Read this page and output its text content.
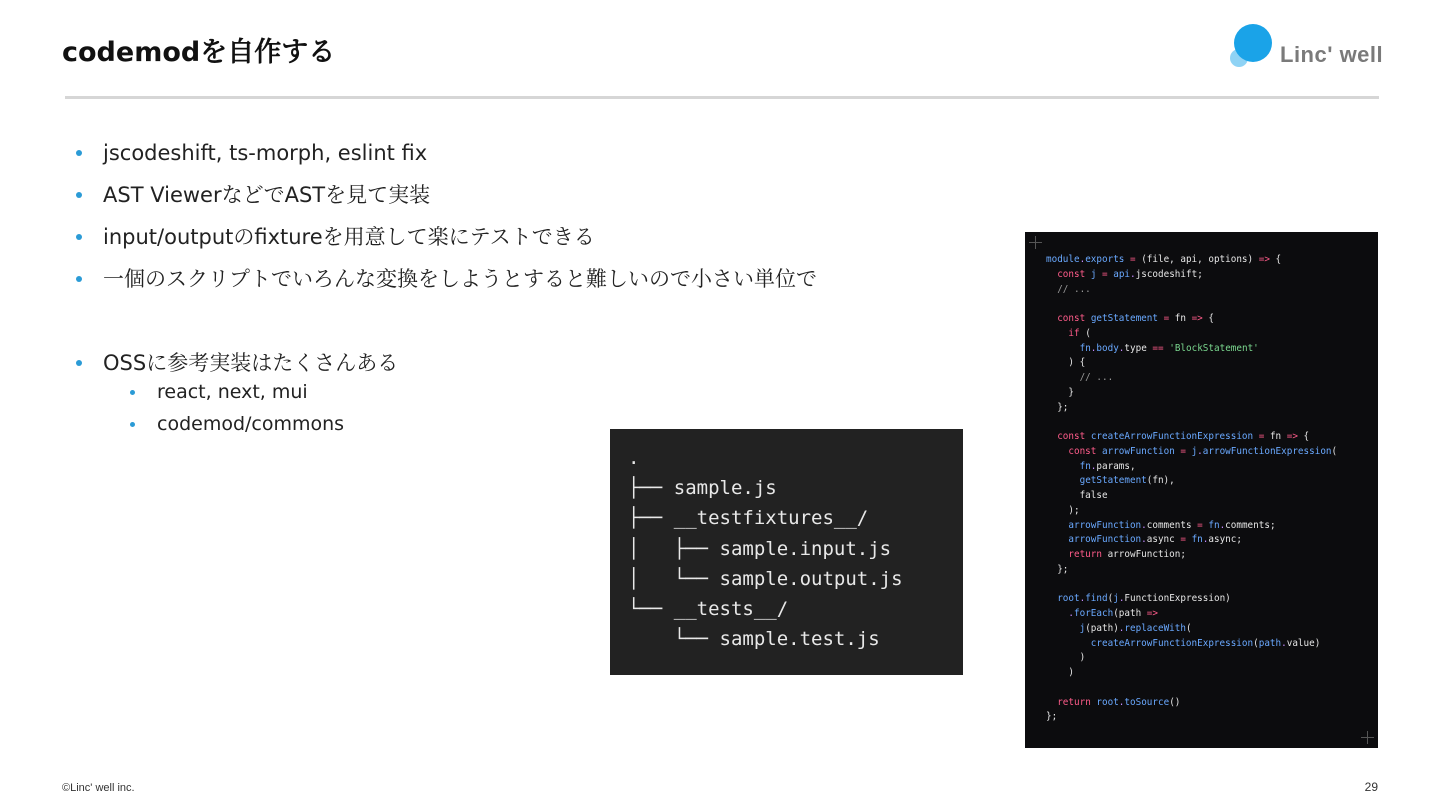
codemodを自作する	Linc' well
jscodeshift, ts-morph, eslint fix
AST ViewerなどでASTを見て実装
input/outputのfixtureを用意して楽にテストできる
一個のスクリプトでいろんな変換をしようとすると難しいので小さい単位で
OSSに参考実装はたくさんある
react, next, mui
codemod/commons
.
├── sample.js
├── __testfixtures__/
│   ├── sample.input.js
│   └── sample.output.js
└── __tests__/
└── sample.test.js
module.exports = (file, api, options) => {
const j = api.jscodeshift;
// ...
const getStatement = fn => {
if (
fn.body.type == 'BlockStatement'
) {
// ...
}
};
const createArrowFunctionExpression = fn => {
const arrowFunction = j.arrowFunctionExpression(
fn.params,
getStatement(fn),
false
);
arrowFunction.comments = fn.comments;
arrowFunction.async = fn.async;
return arrowFunction;
};
root.find(j.FunctionExpression)
.forEach(path =>
j(path).replaceWith(
createArrowFunctionExpression(path.value)
)
)
return root.toSource()
};
©Linc' well inc.	29
